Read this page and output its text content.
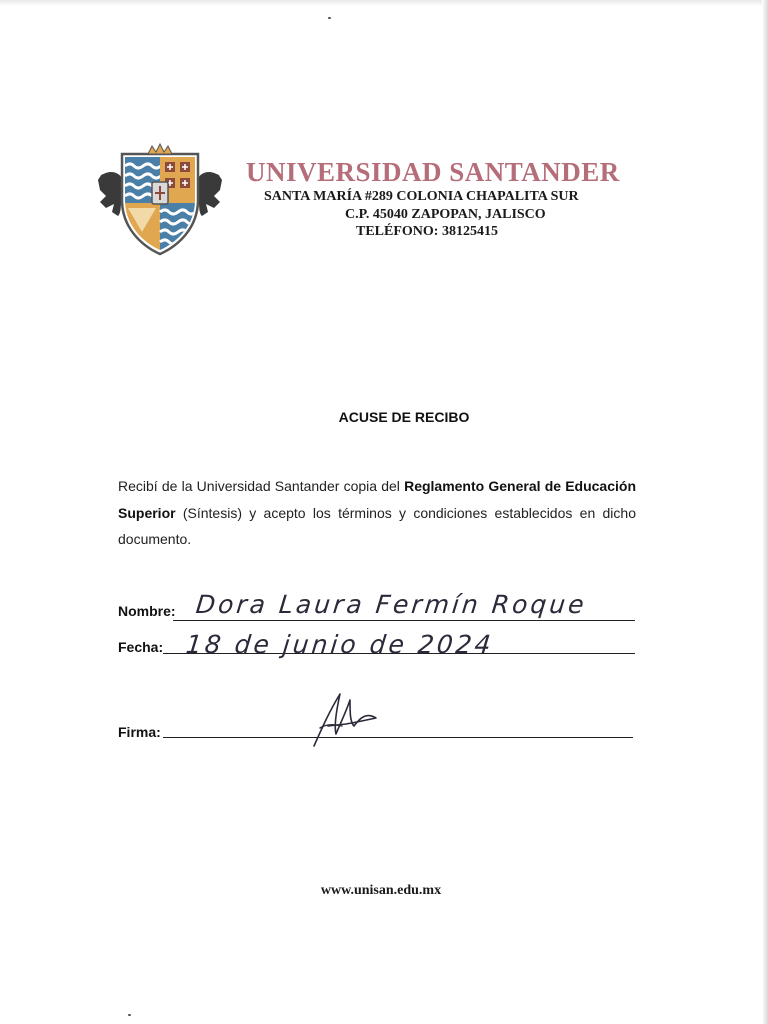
UNIVERSIDAD SANTANDER
SANTA MARÍA #289 COLONIA CHAPALITA SUR
C.P. 45040 ZAPOPAN, JALISCO
TELÉFONO: 38125415
ACUSE DE RECIBO
Recibí de la Universidad Santander copia del Reglamento General de Educación Superior (Síntesis) y acepto los términos y condiciones establecidos en dicho documento.
Nombre: Dora Laura Fermín Roque
Fecha: 18 de junio de 2024
Firma:
www.unisan.edu.mx
